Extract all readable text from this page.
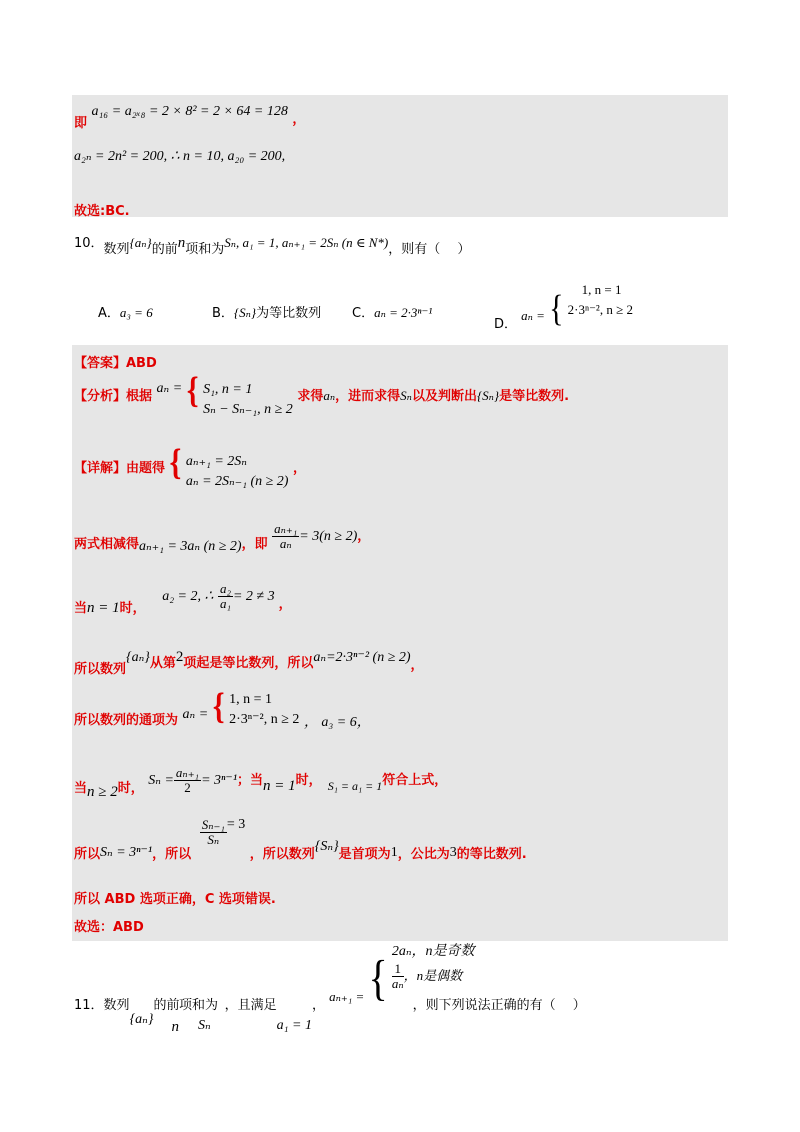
即 a₁₆ = a₂ₓ₈ = 2 × 8² = 2 × 64 = 128 ，
a₂ₙ = 2n² = 200, ∴ n = 10, a₂₀ = 200,
故选:BC.
10．数列{aₙ}的前n项和为Sₙ, a₁ = 1, aₙ₊₁ = 2Sₙ (n ∈ N*)，则有（　 ）
A．a₃ = 6	B．{Sₙ}为等比数列 C．aₙ = 2·3ⁿ⁻¹
D． aₙ = {	1, n = 1
2·3ⁿ⁻², n ≥ 2
【答案】ABD
【分析】根据 aₙ = { S₁, n = 1
Sₙ − Sₙ₋₁, n ≥ 2
求得aₙ，进而求得Sₙ以及判断出{Sₙ}是等比数列.
【详解】由题得 { aₙ₊₁ = 2Sₙ
aₙ = 2Sₙ₋₁ (n ≥ 2)
，
两式相减得aₙ₊₁ = 3aₙ (n ≥ 2)，即 $\frac{\text{aₙ₊₁}}{\text{aₙ}} = 3(n \ge 2)$，
当n = 1时， a₂ = 2, ∴ $\frac{\text{a₂}}{\text{a₁}} = 2 \ne 3$，
所以数列{aₙ}从第2项起是等比数列，所以aₙ=2·3ⁿ⁻² (n ≥ 2)，
所以数列的通项为 aₙ = { 1, n = 1
2·3ⁿ⁻², n ≥ 2 ， a₃ = 6，
当n ≥ 2时， $S_n = \frac{\text{aₙ₊₁}}{2} = 3^{n-1}$；当n = 1时， S₁ = a₁ = 1符合上式，
所以Sₙ = 3ⁿ⁻¹，所以
$\frac{\text{Sₙ₋₁}}{\text{Sₙ}} = 3$ ，所以数列{Sₙ}是首项为1，公比为3的等比数列.
所以 ABD 选项正确，C 选项错误.
故选：ABD
11．数列{aₙ}的前n项和为Sₙ，且满足a₁ = 1， aₙ₊₁ = { 2aₙ，n是奇数
$\frac{1}{\text{aₙ}}$ ，n是偶数
，则下列说法正确的有（　 ）
